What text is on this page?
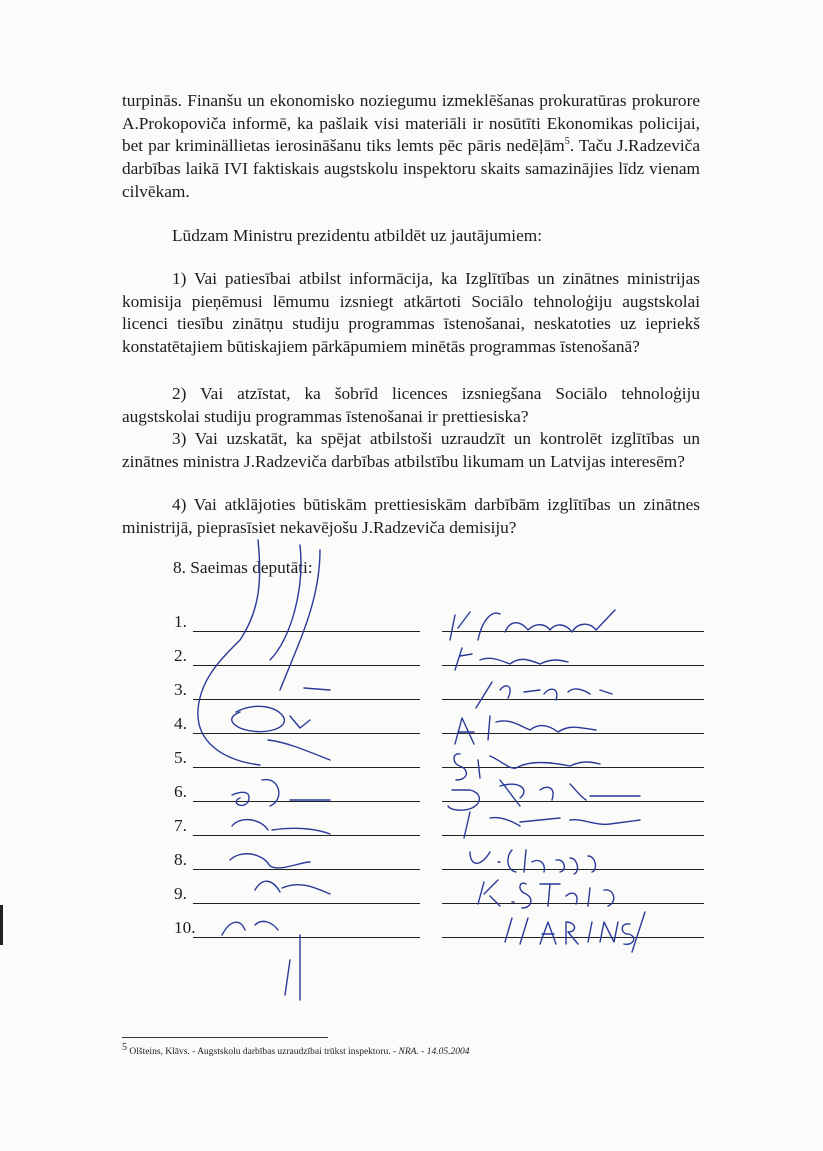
turpinās. Finanšu un ekonomisko noziegumu izmeklēšanas prokuratūras prokurore A.Prokopoviča informē, ka pašlaik visi materiāli ir nosūtīti Ekonomikas policijai, bet par kriminällietas ierosināšanu tiks lemts pēc pāris nedēļām$^5$. Taču J.Radzeviča darbības laikā IVI faktiskais augstskolu inspektoru skaits samazinājies līdz vienam cilvēkam.

Lūdzam Ministru prezidentu atbildēt uz jautājumiem:

1) Vai patiesībai atbilst informācija, ka Izglītības un zinātnes ministrijas komisija pieņēmusi lēmumu izsniegt atkārtoti Sociālo tehnoloģiju augstskolai licenci tiesību zinātņu studiju programmas īstenošanai, neskatoties uz iepriekš konstatētajiem būtiskajiem pārkāpumiem minētās programmas īstenošanā?

2) Vai atzīstat, ka šobrīd licences izsniegšana Sociālo tehnoloģiju augstskolai studiju programmas īstenošanai ir prettiesiska?

3) Vai uzskatāt, ka spējat atbilstoši uzraudzīt un kontrolēt izglītības un zinātnes ministra J.Radzeviča darbības atbilstību likumam un Latvijas interesēm?

4) Vai atklājoties būtiskām prettiesiskām darbībām izglītības un zinātnes ministrijā, pieprasīsiet nekavējošu J.Radzeviča demisiju?

8. Saeimas deputāti:
1.
2.
3.
4.
5.
6.
7.
8.
9.
10.
5 Olšteins, Klāvs. - Augstskolu darbības uzraudzībai trūkst inspektoru. - NRA. - 14.05.2004
